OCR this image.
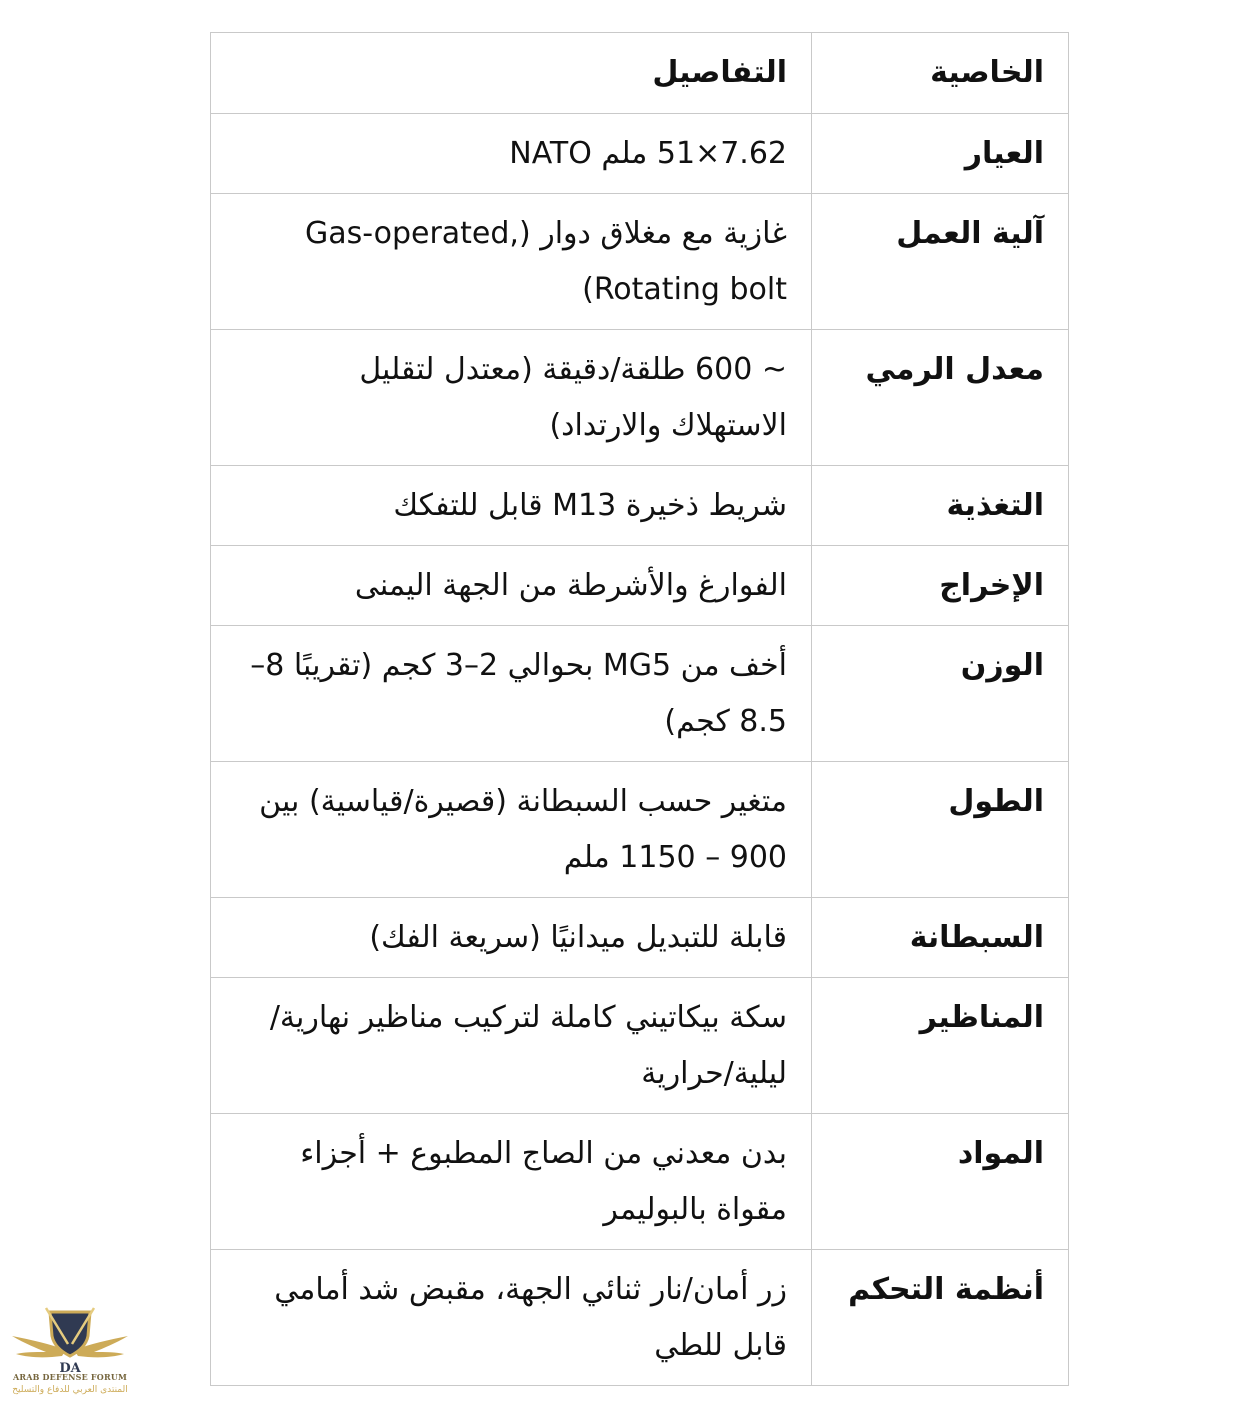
الخاصية	التفاصيل
العيار	7.62×51 ملم NATO
آلية العمل	غازية مع مغلاق دوار (Gas-operated, Rotating bolt)
معدل الرمي	~ 600 طلقة/دقيقة (معتدل لتقليل الاستهلاك والارتداد)
التغذية	شريط ذخيرة M13 قابل للتفكك
الإخراج	الفوارغ والأشرطة من الجهة اليمنى
الوزن	أخف من MG5 بحوالي 2–3 كجم (تقريبًا 8–8.5 كجم)
الطول	متغير حسب السبطانة (قصيرة/قياسية) بين 900 – 1150 ملم
السبطانة	قابلة للتبديل ميدانيًا (سريعة الفك)
المناظير	سكة بيكاتيني كاملة لتركيب مناظير نهارية/ليلية/حرارية
المواد	بدن معدني من الصاج المطبوع + أجزاء مقواة بالبوليمر
أنظمة التحكم	زر أمان/نار ثنائي الجهة، مقبض شد أمامي قابل للطي
DA
ARAB DEFENSE FORUM
المنتدى العربي للدفاع والتسليح
